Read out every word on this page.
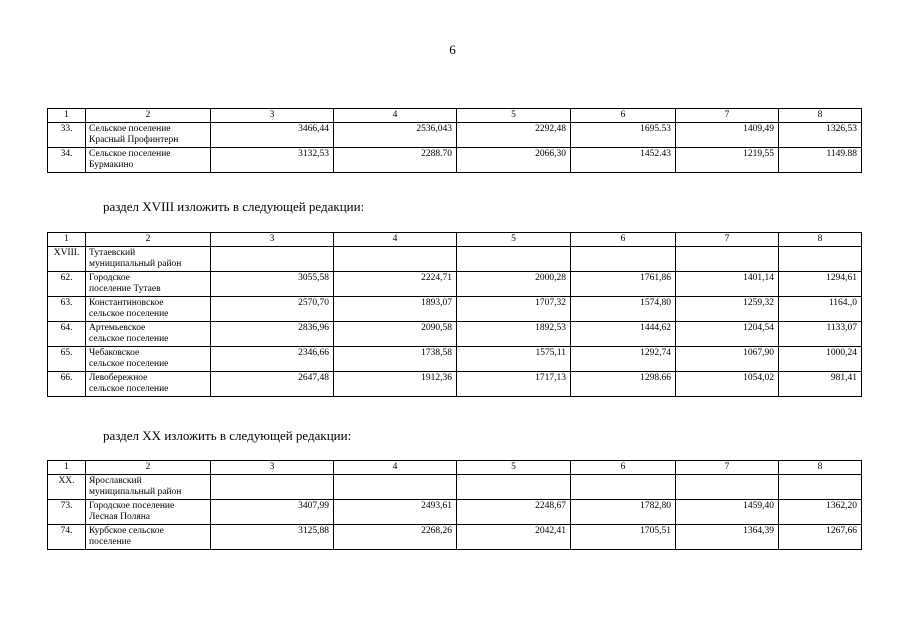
6
1	2	3	4	5	6	7	8
33.	Сельское поселение
Красный Профинтерн	3466,44	2536,043	2292,48	1695.53	1409,49	1326,53
34.	Сельское поселение
Бурмакино	3132,53	2288.70	2066,30	1452.43	1219,55	1149.88
раздел XVIII изложить в следующей редакции:
1	2	3	4	5	6	7	8
XVIII.	Тутаевский
муниципальный район						

62.	Городское
поселение Тутаев	3055,58	2224,71	2000,28	1761,86	1401,14	1294,61
63.	Константиновское
сельское поселение	2570,70	1893,07	1707,32	1574,80	1259,32	1164.,0
64.	Артемьевское
сельское поселение	2836,96	2090,58	1892,53	1444,62	1204,54	1133,07
65.	Чебаковское
сельское поселение	2346,66	1738,58	1575,11	1292,74	1067,90	1000,24
66.	Левобережное
сельское поселение	2647,48	1912,36	1717,13	1298.66	1054,02	981,41
раздел XX изложить в следующей редакции:
1	2	3	4	5	6	7	8
XX.	Ярославский
муниципальный район						

73.	Городское поселение
Лесная Поляна	3407,99	2493,61	2248,67	1782,80	1459,40	1362,20
74.	Курбское сельское
поселение	3125,88	2268,26	2042,41	1705,51	1364,39	1267,66
